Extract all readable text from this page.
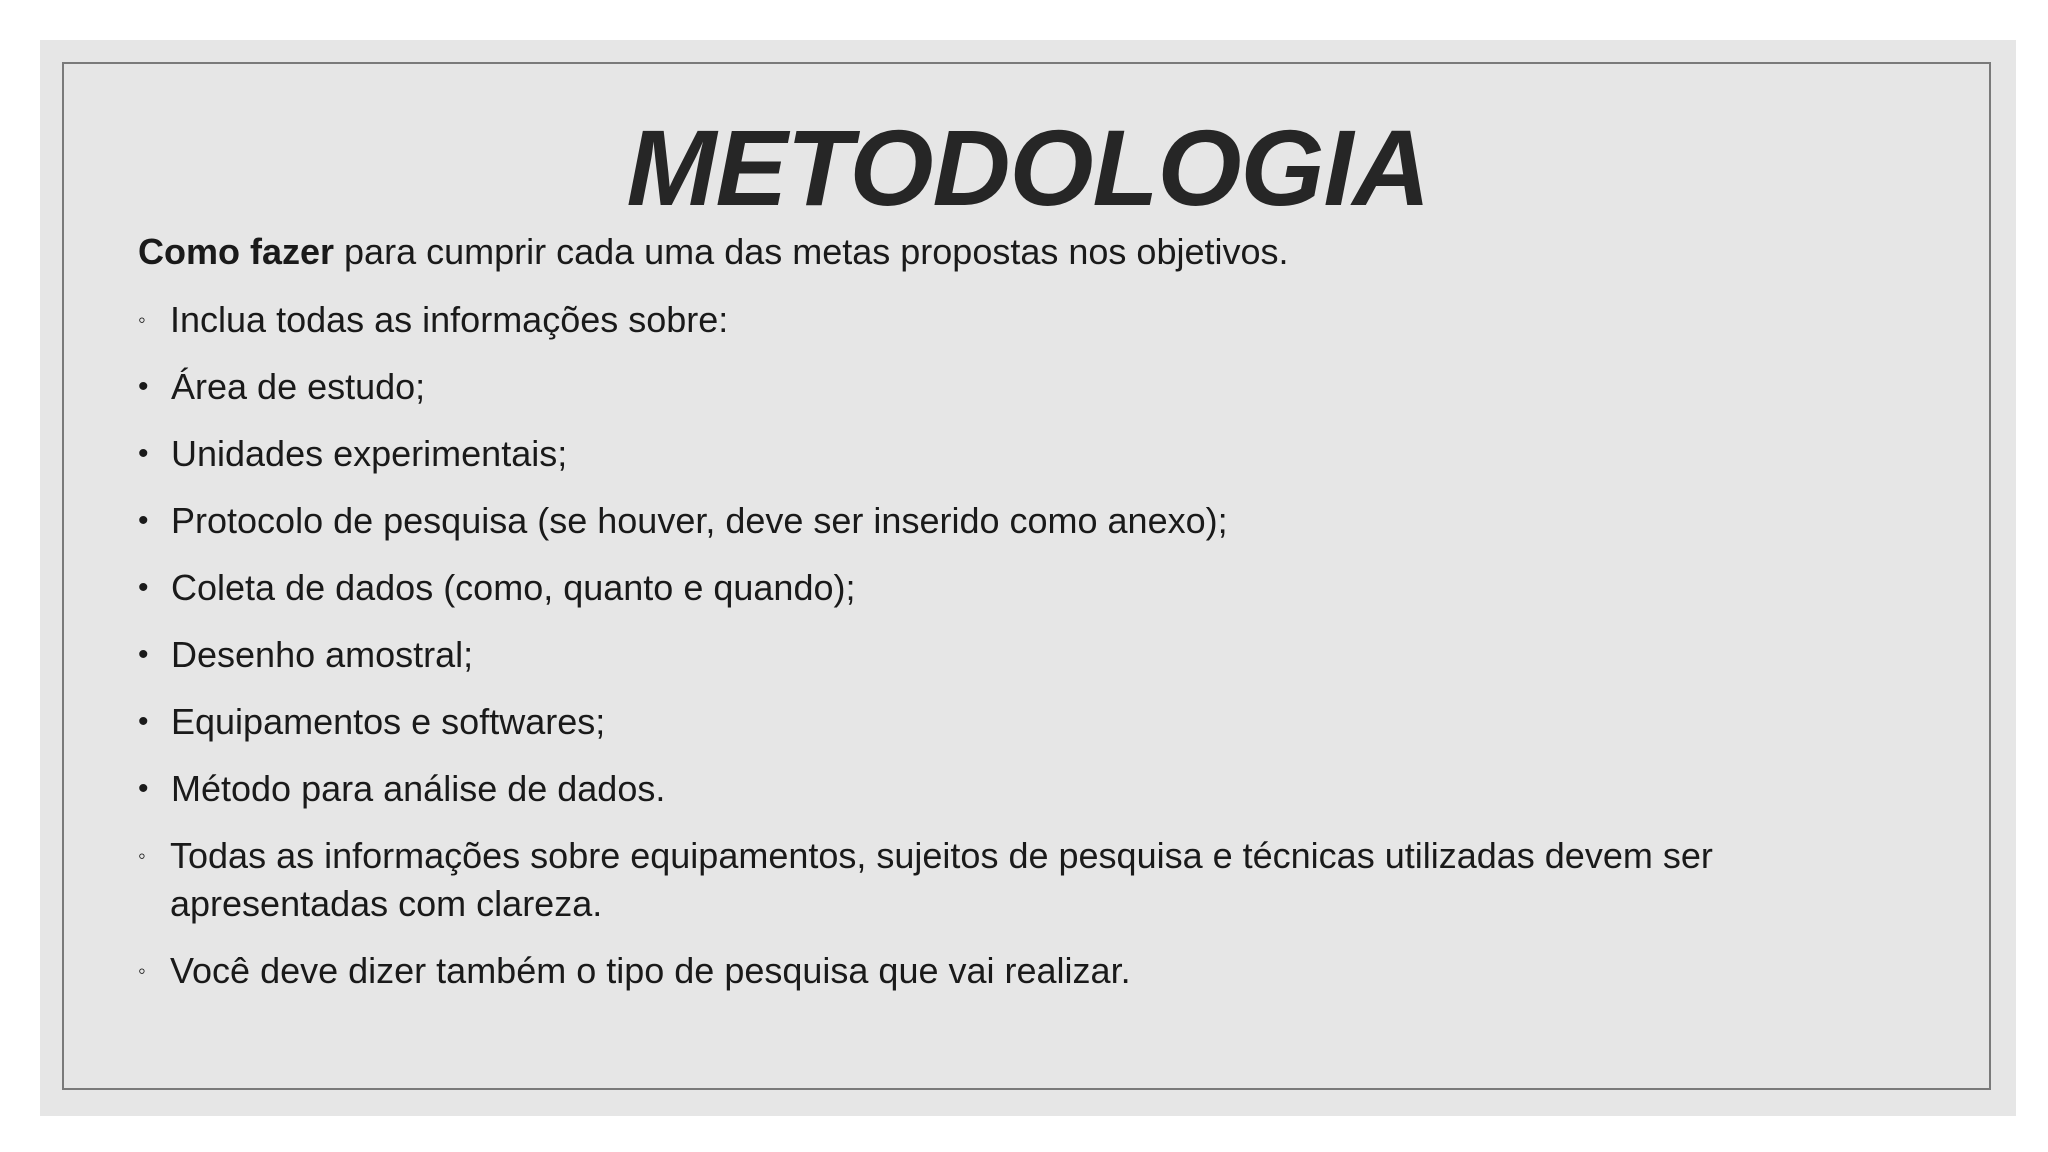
METODOLOGIA

Como fazer para cumprir cada uma das metas propostas nos objetivos.

◦ Inclua todas as informações sobre:
• Área de estudo;
• Unidades experimentais;
• Protocolo de pesquisa (se houver, deve ser inserido como anexo);
• Coleta de dados (como, quanto e quando);
• Desenho amostral;
• Equipamentos e softwares;
• Método para análise de dados.
◦ Todas as informações sobre equipamentos, sujeitos de pesquisa e técnicas utilizadas devem ser apresentadas com clareza.
◦ Você deve dizer também o tipo de pesquisa que vai realizar.
